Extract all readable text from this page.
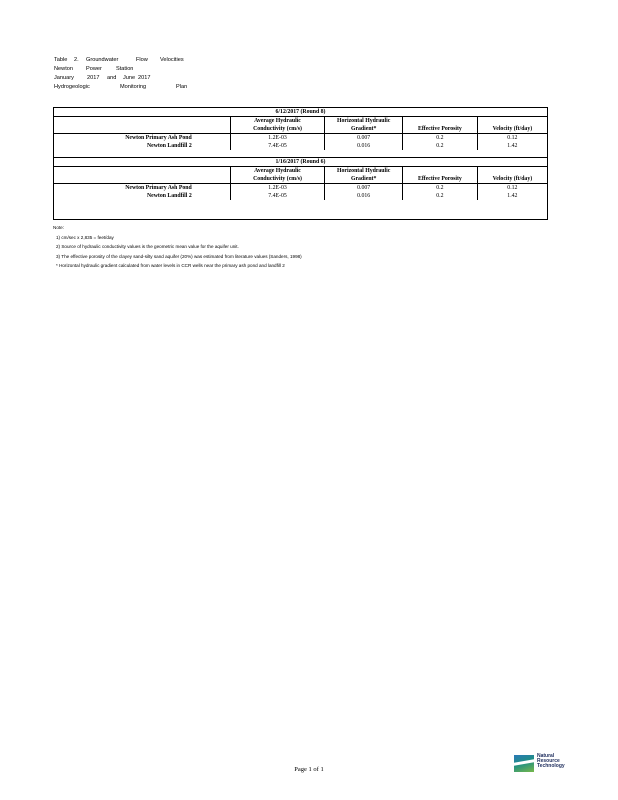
Table	2.	Groundwater	Flow	Velocities
Newton	Power	Station
January	2017	and	June 2017
Hydrogeologic	Monitoring	Plan
6/12/2017 (Round 8)				
	Average Hydraulic	Horizontal Hydraulic		
	Conductivity (cm/s)	Gradient*	Effective Porosity	Velocity (ft/day)
Newton Primary Ash Pond	1.2E-03	0.007	0.2	0.12
Newton Landfill 2	7.4E-05	0.016	0.2	1.42

1/16/2017 (Round 6)				
	Average Hydraulic	Horizontal Hydraulic		
	Conductivity (cm/s)	Gradient*	Effective Porosity	Velocity (ft/day)
Newton Primary Ash Pond	1.2E-03	0.007	0.2	0.12
Newton Landfill 2	7.4E-05	0.016	0.2	1.42
Note:
1) cm/sec x 2,835 = feet/day
2) Source of hydraulic conductivity values is the geometric mean value for the aquifer unit.
3) The effective porosity of the clayey sand-silty sand aquifer (20%) was estimated from literature values (Sanders, 1998)
* Horizontal hydraulic gradient calculated from water levels in CCR wells near the primary ash pond and landfill 2
Page 1 of 1
Natural
Resource
Technology
